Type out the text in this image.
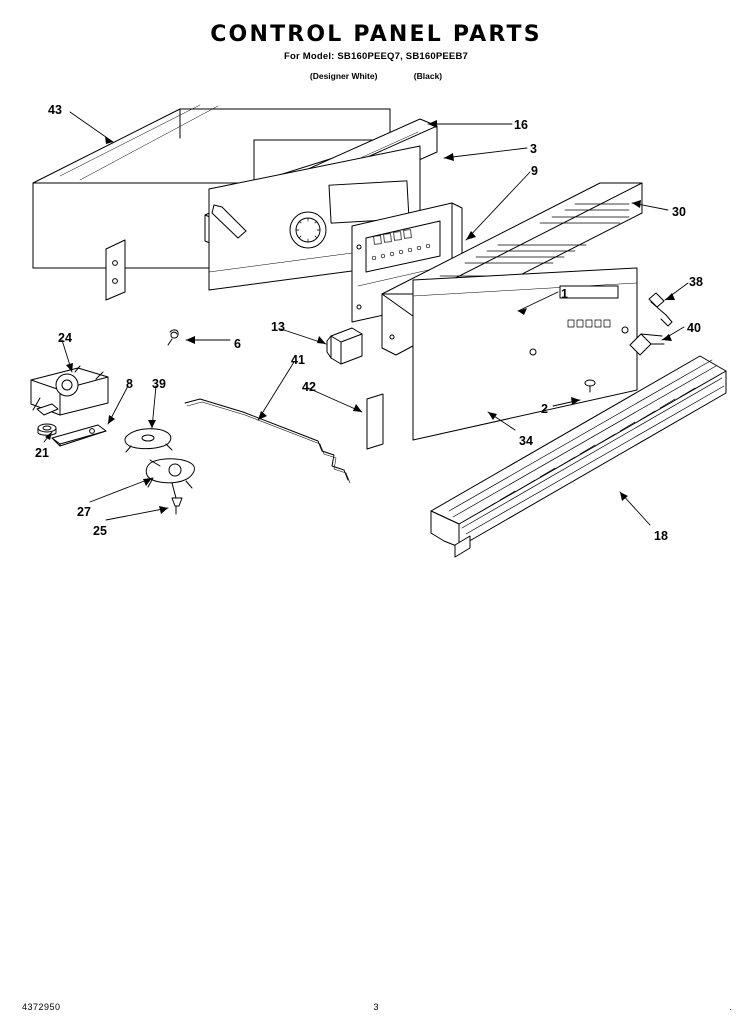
CONTROL PANEL PARTS
For Model: SB160PEEQ7, SB160PEEB7
(Designer White)	(Black)
43
16
3
9
30
38
1
40
13
6
24
41
8 39	42
2
34
21
27
25	18
4372950	3	.
